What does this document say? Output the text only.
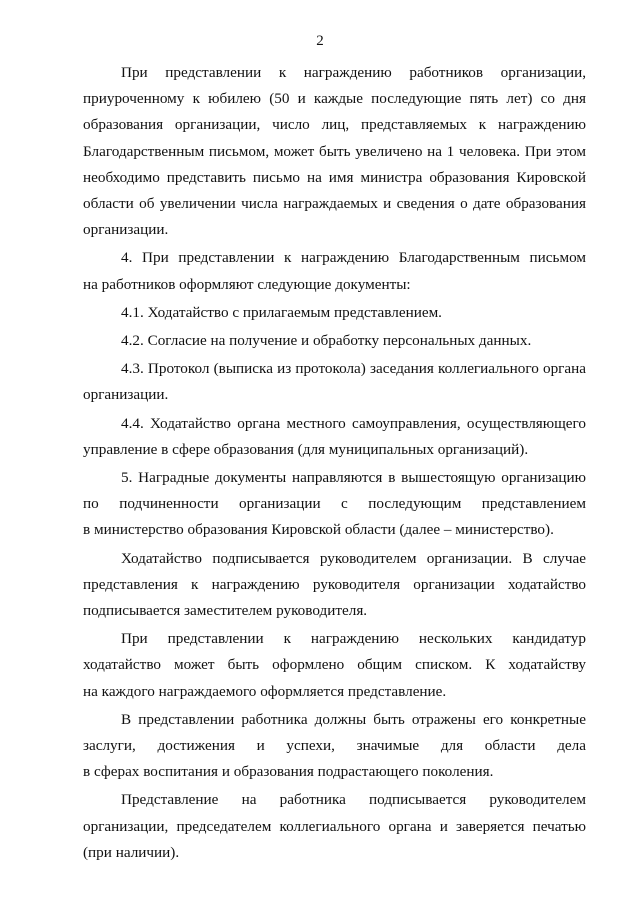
2
При представлении к награждению работников организации,
приуроченному к юбилею (50 и каждые последующие пять лет) со дня
образования организации, число лиц, представляемых к награждению
Благодарственным письмом, может быть увеличено на 1 человека. При этом
необходимо представить письмо на имя министра образования Кировской
области об увеличении числа награждаемых и сведения о дате образования
организации.
4. При представлении к награждению Благодарственным письмом
на работников оформляют следующие документы:
4.1. Ходатайство с прилагаемым представлением.
4.2. Согласие на получение и обработку персональных данных.
4.3. Протокол (выписка из протокола) заседания коллегиального органа
организации.
4.4. Ходатайство органа местного самоуправления, осуществляющего
управление в сфере образования (для муниципальных организаций).
5. Наградные документы направляются в вышестоящую организацию
по подчиненности организации с последующим представлением
в министерство образования Кировской области (далее – министерство).
Ходатайство подписывается руководителем организации. В случае
представления к награждению руководителя организации ходатайство
подписывается заместителем руководителя.
При представлении к награждению нескольких кандидатур
ходатайство может быть оформлено общим списком. К ходатайству
на каждого награждаемого оформляется представление.
В представлении работника должны быть отражены его конкретные
заслуги, достижения и успехи, значимые для области дела
в сферах воспитания и образования подрастающего поколения.
Представление на работника подписывается руководителем
организации, председателем коллегиального органа и заверяется печатью
(при наличии).
